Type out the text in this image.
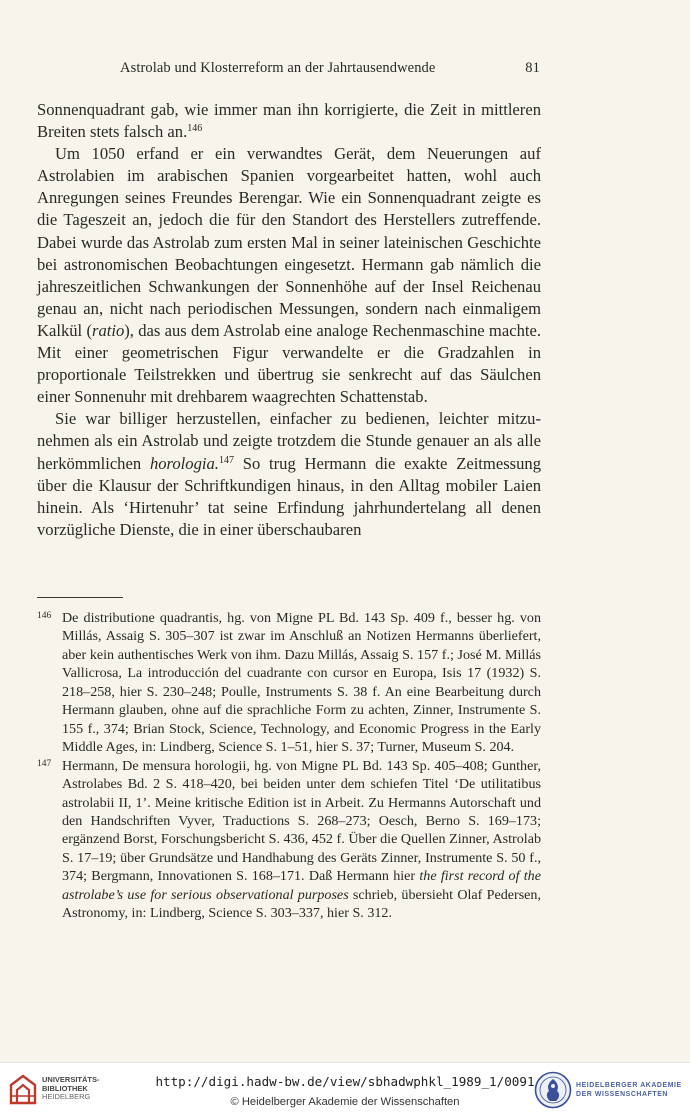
Astrolab und Klosterreform an der Jahrtausendwende	81

Sonnenquadrant gab, wie immer man ihn korrigierte, die Zeit in mittleren Breiten stets falsch an.$^{146}$

Um 1050 erfand er ein verwandtes Gerät, dem Neuerungen auf Astrolabien im arabischen Spanien vorgearbeitet hatten, wohl auch Anregungen seines Freundes Berengar. Wie ein Sonnenquadrant zeigte es die Tageszeit an, jedoch die für den Standort des Herstellers zutreffende. Dabei wurde das Astrolab zum ersten Mal in seiner lateinischen Geschichte bei astronomischen Beobachtungen eingesetzt. Hermann gab nämlich die jahreszeitlichen Schwankungen der Sonnenhöhe auf der Insel Reichenau genau an, nicht nach periodischen Messungen, sondern nach einmaligem Kalkül (ratio), das aus dem Astrolab eine analoge Rechenmaschine machte. Mit einer geometrischen Figur verwandelte er die Gradzahlen in proportionale Teilstrekken und übertrug sie senkrecht auf das Säulchen einer Sonnenuhr mit drehbarem waagrechten Schattenstab.

Sie war billiger herzustellen, einfacher zu bedienen, leichter mitzunehmen als ein Astrolab und zeigte trotzdem die Stunde genauer an als alle herkömmlichen horologia.$^{147}$ So trug Hermann die exakte Zeitmessung über die Klausur der Schriftkundigen hinaus, in den Alltag mobiler Laien hinein. Als ‘Hirtenuhr’ tat seine Erfindung jahrhundertelang all denen vorzügliche Dienste, die in einer überschaubaren

146 De distributione quadrantis, hg. von Migne PL Bd. 143 Sp. 409 f., besser hg. von Millás, Assaig S. 305–307 ist zwar im Anschluß an Notizen Hermanns überliefert, aber kein authentisches Werk von ihm. Dazu Millás, Assaig S. 157 f.; José M. Millás Vallicrosa, La introducción del cuadrante con cursor en Europa, Isis 17 (1932) S. 218–258, hier S. 230–248; Poulle, Instruments S. 38 f. An eine Bearbeitung durch Hermann glauben, ohne auf die sprachliche Form zu achten, Zinner, Instrumente S. 155 f., 374; Brian Stock, Science, Technology, and Economic Progress in the Early Middle Ages, in: Lindberg, Science S. 1–51, hier S. 37; Turner, Museum S. 204.

147 Hermann, De mensura horologii, hg. von Migne PL Bd. 143 Sp. 405–408; Gunther, Astrolabes Bd. 2 S. 418–420, bei beiden unter dem schiefen Titel ‘De utilitatibus astrolabii II, 1’. Meine kritische Edition ist in Arbeit. Zu Hermanns Autorschaft und den Handschriften Vyver, Traductions S. 268–273; Oesch, Berno S. 169–173; ergänzend Borst, Forschungsbericht S. 436, 452 f. Über die Quellen Zinner, Astrolab S. 17–19; über Grundsätze und Handhabung des Geräts Zinner, Instrumente S. 50 f., 374; Bergmann, Innovationen S. 168–171. Daß Hermann hier the first record of the astrolabe’s use for serious observational purposes schrieb, übersieht Olaf Pedersen, Astronomy, in: Lindberg, Science S. 303–337, hier S. 312.

UNIVERSITÄTS-
BIBLIOTHEK
HEIDELBERG
http://digi.hadw-bw.de/view/sbhadwphkl_1989_1/0091
© Heidelberger Akademie der Wissenschaften
HEIDELBERGER AKADEMIE
DER WISSENSCHAFTEN
